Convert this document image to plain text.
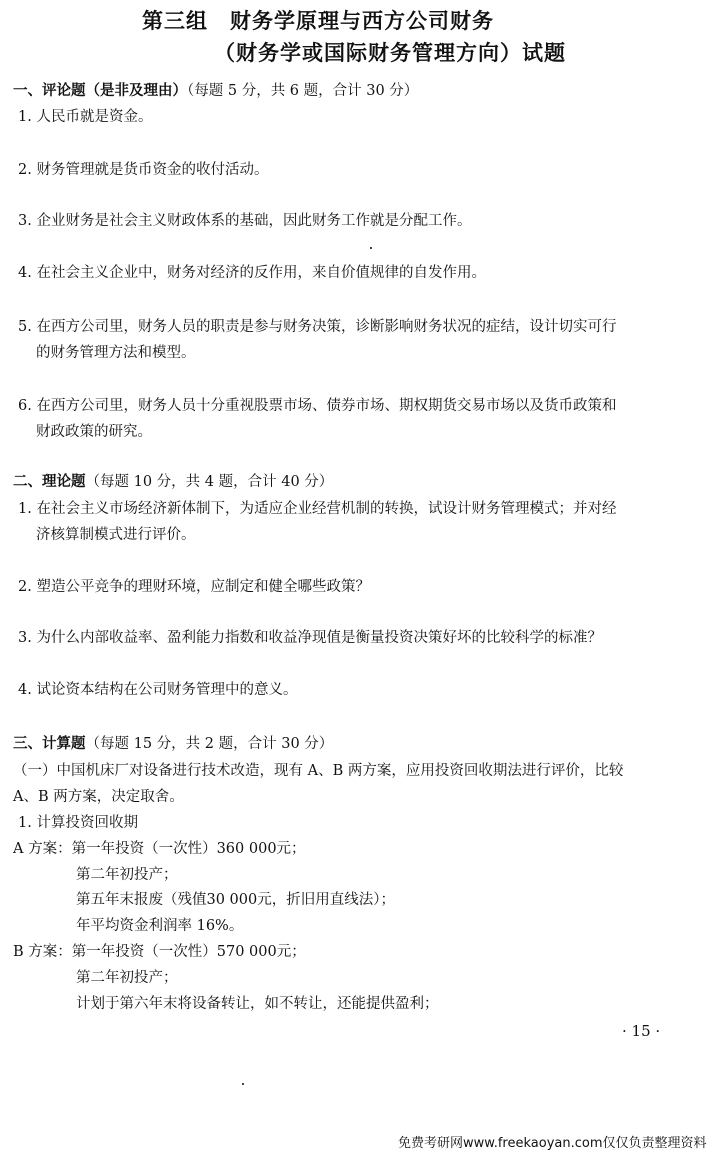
第三组　财务学原理与西方公司财务
（财务学或国际财务管理方向）试题
一、评论题（是非及理由）（每题 5 分，共 6 题，合计 30 分）
1. 人民币就是资金。
2. 财务管理就是货币资金的收付活动。
3. 企业财务是社会主义财政体系的基础，因此财务工作就是分配工作。
4. 在社会主义企业中，财务对经济的反作用，来自价值规律的自发作用。
5. 在西方公司里，财务人员的职责是参与财务决策，诊断影响财务状况的症结，设计切实可行
的财务管理方法和模型。
6. 在西方公司里，财务人员十分重视股票市场、债券市场、期权期货交易市场以及货币政策和
财政政策的研究。
二、理论题（每题 10 分，共 4 题，合计 40 分）
1. 在社会主义市场经济新体制下，为适应企业经营机制的转换，试设计财务管理模式；并对经
济核算制模式进行评价。
2. 塑造公平竞争的理财环境，应制定和健全哪些政策？
3. 为什么内部收益率、盈利能力指数和收益净现值是衡量投资决策好坏的比较科学的标准？
4. 试论资本结构在公司财务管理中的意义。
三、计算题（每题 15 分，共 2 题，合计 30 分）
（一）中国机床厂对设备进行技术改造，现有 A、B 两方案，应用投资回收期法进行评价，比较
A、B 两方案，决定取舍。
1. 计算投资回收期
A 方案：第一年投资（一次性）360 000元；
第二年初投产；
第五年末报废（残值30 000元，折旧用直线法）；
年平均资金利润率 16%。
B 方案：第一年投资（一次性）570 000元；
第二年初投产；
计划于第六年末将设备转让，如不转让，还能提供盈利；
· 15 ·
免费考研网www.freekaoyan.com仅仅负责整理资料
